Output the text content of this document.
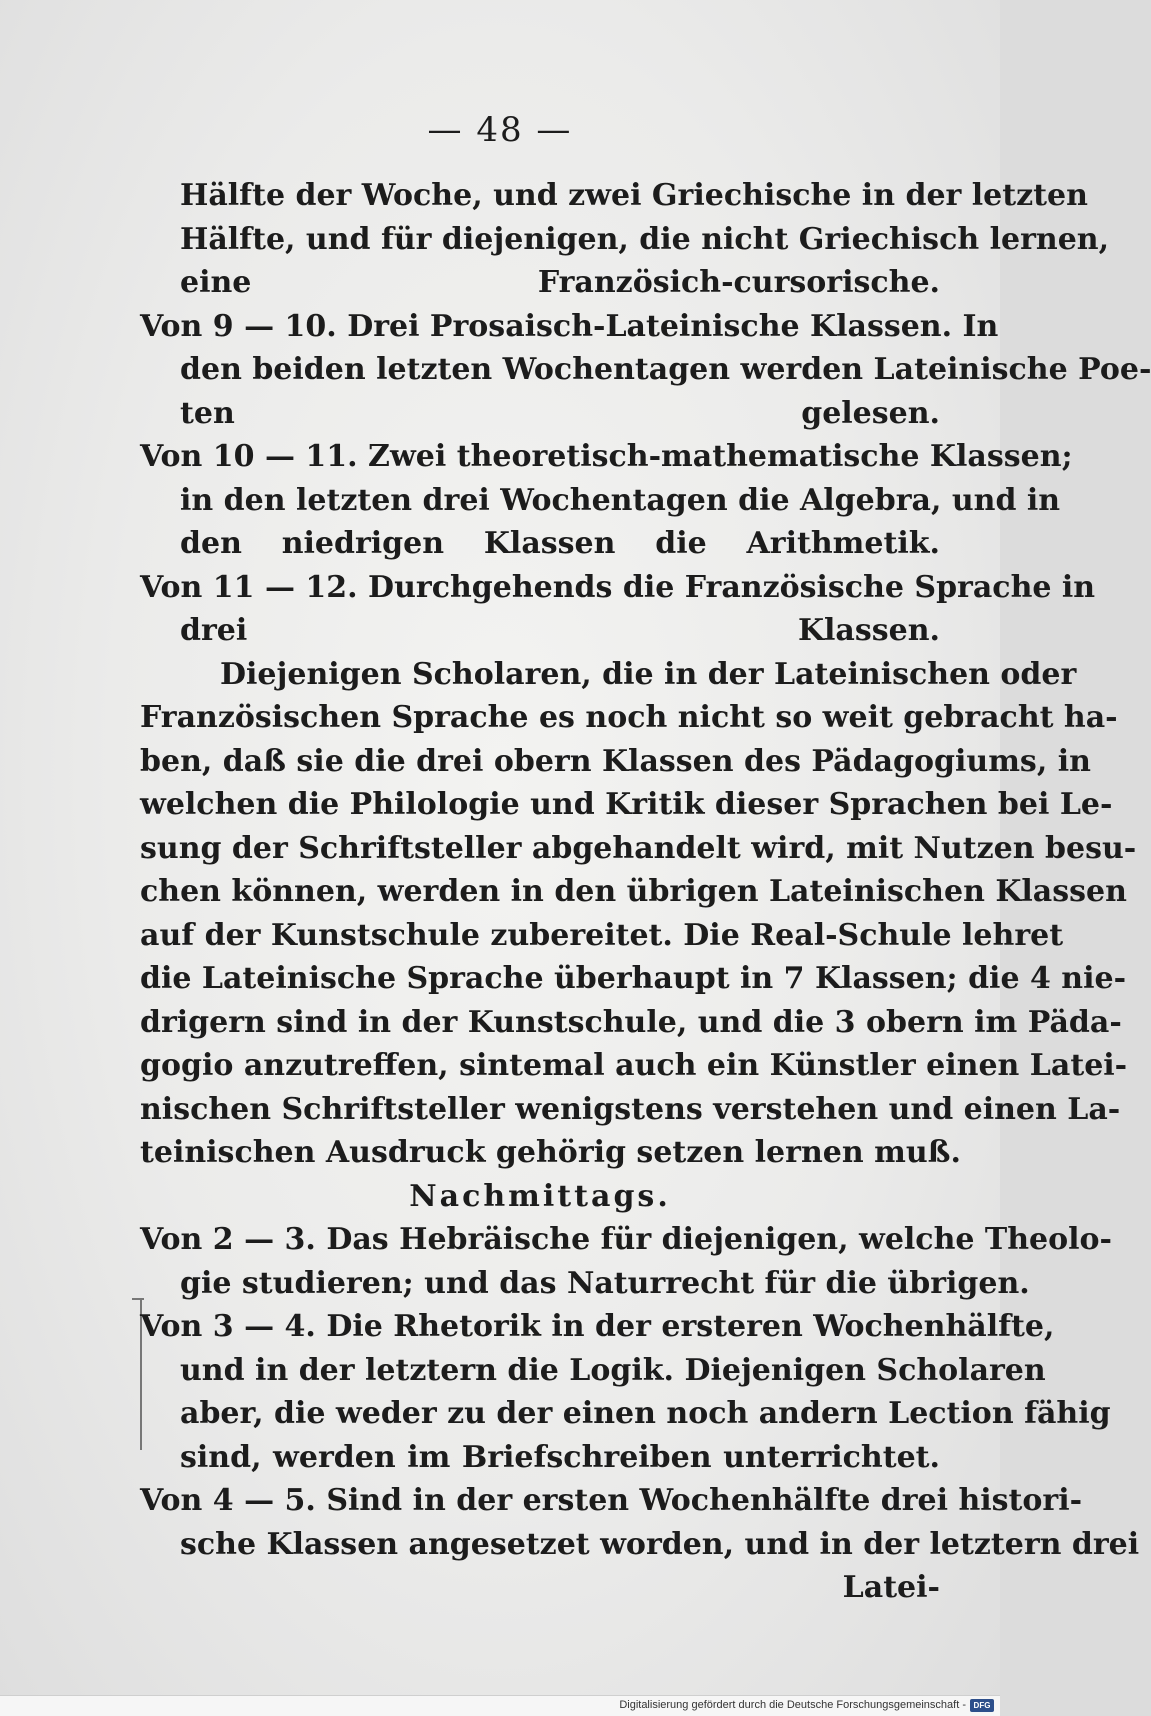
— 48 —
Hälfte der Woche, und zwei Griechische in der letzten
Hälfte, und für diejenigen, die nicht Griechisch lernen,
eine Französich-cursorische.
Von 9 — 10. Drei Prosaisch-Lateinische Klassen. In
den beiden letzten Wochentagen werden Lateinische Poe-
ten gelesen.
Von 10 — 11. Zwei theoretisch-mathematische Klassen;
in den letzten drei Wochentagen die Algebra, und in
den niedrigen Klassen die Arithmetik.
Von 11 — 12. Durchgehends die Französische Sprache in
drei Klassen.
Diejenigen Scholaren, die in der Lateinischen oder
Französischen Sprache es noch nicht so weit gebracht ha-
ben, daß sie die drei obern Klassen des Pädagogiums, in
welchen die Philologie und Kritik dieser Sprachen bei Le-
sung der Schriftsteller abgehandelt wird, mit Nutzen besu-
chen können, werden in den übrigen Lateinischen Klassen
auf der Kunstschule zubereitet. Die Real-Schule lehret
die Lateinische Sprache überhaupt in 7 Klassen; die 4 nie-
drigern sind in der Kunstschule, und die 3 obern im Päda-
gogio anzutreffen, sintemal auch ein Künstler einen Latei-
nischen Schriftsteller wenigstens verstehen und einen La-
teinischen Ausdruck gehörig setzen lernen muß.
Nachmittags.
Von 2 — 3. Das Hebräische für diejenigen, welche Theolo-
gie studieren; und das Naturrecht für die übrigen.
Von 3 — 4. Die Rhetorik in der ersteren Wochenhälfte,
und in der letztern die Logik. Diejenigen Scholaren
aber, die weder zu der einen noch andern Lection fähig
sind, werden im Briefschreiben unterrichtet.
Von 4 — 5. Sind in der ersten Wochenhälfte drei histori-
sche Klassen angesetzet worden, und in der letztern drei
Latei-
Digitalisierung gefördert durch die Deutsche Forschungsgemeinschaft - DFG
